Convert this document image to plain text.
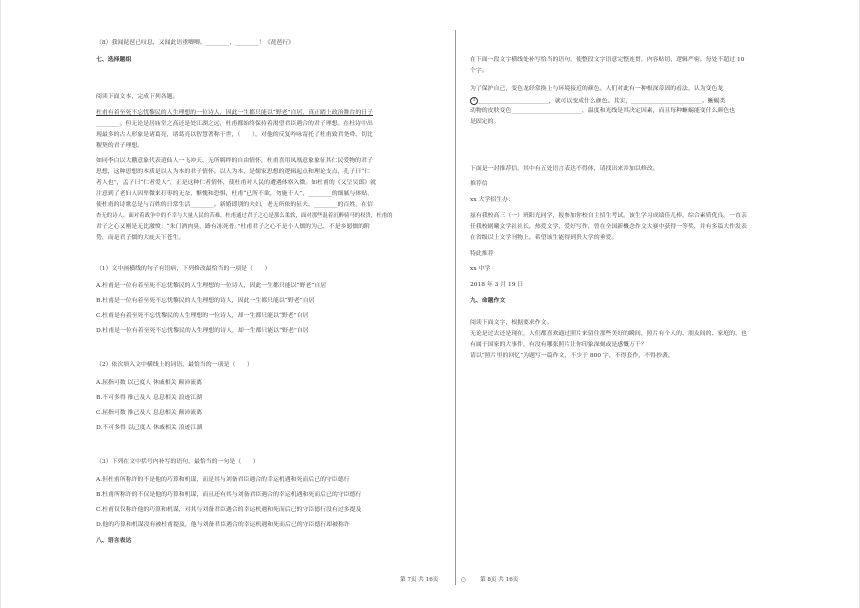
（8）我闻琵琶已叹息，又闻此语重唧唧。________，________！《琵琶行》
七、选择题组
阅读下面文本，完成下列各题。
杜甫有着至死不忘忧黎民的人生理想的一位诗人，因此一生都只能以“野老”自居，真正踏上政治舞台的日子
________。但无论是居庙堂之高还是处江湖之远，杜甫都始终保持着渴望君臣遇合的君子理想。在杜诗中出
现最多的古人形象是诸葛亮，诸葛亮以智慧著称于世，（　　），对他的反复吟咏寄托了杜甫致君尧舜、切比
稷契的君子理想。
如同李白以大鹏意象代表逍仙人一飞冲天、无所羁绊的自由情怀，杜甫喜用凤凰意象象征其仁民爱物的君子
思想，这种思想的本质是以人为本的君子情怀。以人为本，是儒家思想的逻辑起点和理论支点，孔子曰“仁
者人也”，孟子曰“仁者爱人”，正是这种仁者情怀，使杜甫对人民的遭遇体察入微。如杜甫的《又呈吴郎》就
注意到了老妇人因卑微来打枣的无奈、惭愧和恐惧，杜甫“已所不欲，勿施于人”，________的细腻与体贴，
使杜甫的诗歌总是与百姓的日常生活________。新婚即别的夫妇，老无所依的征夫，________的百姓，在信
杏无的诗人。面对着战争中的不幸与大量人民的苦难，杜甫通过君子之心是那么柔软，面对那些混着沉醉骑马的权贵，杜甫的
君子之心又刚是无比激愤：“朱门酒肉臭，路有冻死骨。”杜甫君子之心不是小人儒的为己，不是乡愿儒的附
势，而是君子儒的大庇天下苍生。
（1）文中画横线的句子有语病，下列修改最恰当的一项是（　　）
A.杜甫是一位有着至死不忘忧黎民的人生理想的一位诗人，因此一生都只能以“野老”自居
B.杜甫是一位有着至死不忘忧黎民的人生理想的诗人，因此一生都只能以“野老”自居
C.杜甫是有着至死不忘忧黎民的人生理想的一位诗人，却一生都只能以“野老”自居
D.杜甫是一位有着至死不忘忧黎民的人生理想的诗人，却一生都只能以“野老”自居
（2）依次填入文中横线上的词语，最恰当的一项是（　　）
A.屈指可数 以己度人 休戚相关 颠沛流离
B.不可多得 推己及人 息息相关 浪迹江湖
C.屈指可数 推己及人 息息相关 颠沛流离
D.不可多得 以己度人 休戚相关 浪迹江湖
（3）下列在文中括号内补写的语句，最恰当的一句是（　　）
A.但杜甫所称许的不是他的巧算和机谋，而是其与刘备君臣遇合的幸运机遇和死而后已的守臣德行
B.杜甫所称许的不仅是他的巧算和机谋，而且还有其与刘备君臣遇合的幸运机遇和死而后已的守臣德行
C.杜甫仅仅称许他的巧算和机谋，对其与刘备君臣遇合的幸运机遇和死而后已的守臣德行没有过多提及
D.他的巧算和机谋没有被杜甫提及，他与刘备君臣遇合的幸运机遇和死而后已的守臣德行却被称许
八、语言表达
在下面一段文字横线处补写恰当的语句，使整段文字语意完整连贯，内容贴切，逻辑严密。每处不超过 10
个字。
为了保护自己，变色龙经常换上与环境接近的颜色。人们对此有一种根深蒂固的看法，认为变色龙
1 ________________________，就可以变成什么颜色。其实，________________________。蜥蜴类
动物的皮肤变色________________________，温度和光线是其决定因素，而且每种蜥蜴能变什么颜色也
是固定的。
下面是一封推荐信，其中有五处语言表达不得体，请找出来并加以修改。
推荐信
xx 大学招生办：
兹有我校高三（一）班阳光同学，报参加你校自主招生考试。该生学习成绩佳儿棒，综合素质优良。一直亲
任我校剧曦文学社社长，热爱文学，爱好写作，曾在全国新概念作文大赛中获得一等奖，并有多篇大作发表
在省级以上文学刊物上。希望该生能得到贵大学的垂爱。
特此推荐
xx 中学
2018 年 3 月 19 日
九、命题作文
阅读下面文字，根据要求作文。
无论是过去还是现在，人们都喜欢通过照片来留住那些美好的瞬间，照片有个人的、朋友间的、家庭的，也
有属于国家的大事件，有没有哪张照片让你印象深刻或是感慨万千？
请以“照片里的回忆”为题写一篇作文，不少于 800 字，不得套作，不得抄袭。
第 7页 共 16页	○	第 8页 共 16页
